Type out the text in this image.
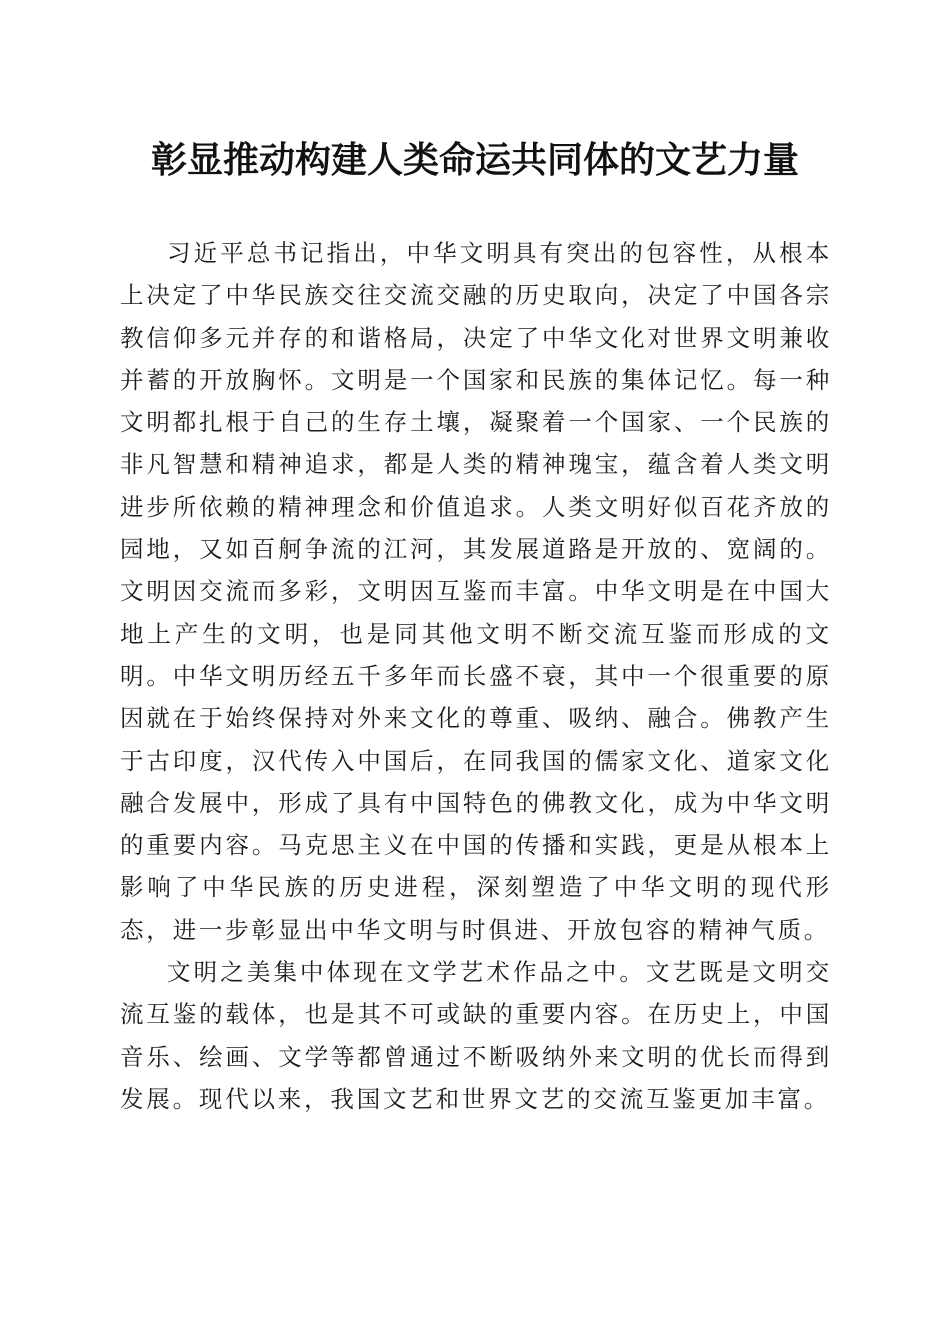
彰显推动构建人类命运共同体的文艺力量

习近平总书记指出，中华文明具有突出的包容性，从根本上决定了中华民族交往交流交融的历史取向，决定了中国各宗教信仰多元并存的和谐格局，决定了中华文化对世界文明兼收并蓄的开放胸怀。文明是一个国家和民族的集体记忆。每一种文明都扎根于自己的生存土壤，凝聚着一个国家、一个民族的非凡智慧和精神追求，都是人类的精神瑰宝，蕴含着人类文明进步所依赖的精神理念和价值追求。人类文明好似百花齐放的园地，又如百舸争流的江河，其发展道路是开放的、宽阔的。文明因交流而多彩，文明因互鉴而丰富。中华文明是在中国大地上产生的文明，也是同其他文明不断交流互鉴而形成的文明。中华文明历经五千多年而长盛不衰，其中一个很重要的原因就在于始终保持对外来文化的尊重、吸纳、融合。佛教产生于古印度，汉代传入中国后，在同我国的儒家文化、道家文化融合发展中，形成了具有中国特色的佛教文化，成为中华文明的重要内容。马克思主义在中国的传播和实践，更是从根本上影响了中华民族的历史进程，深刻塑造了中华文明的现代形态，进一步彰显出中华文明与时俱进、开放包容的精神气质。

文明之美集中体现在文学艺术作品之中。文艺既是文明交流互鉴的载体，也是其不可或缺的重要内容。在历史上，中国音乐、绘画、文学等都曾通过不断吸纳外来文明的优长而得到发展。现代以来，我国文艺和世界文艺的交流互鉴更加丰富。
